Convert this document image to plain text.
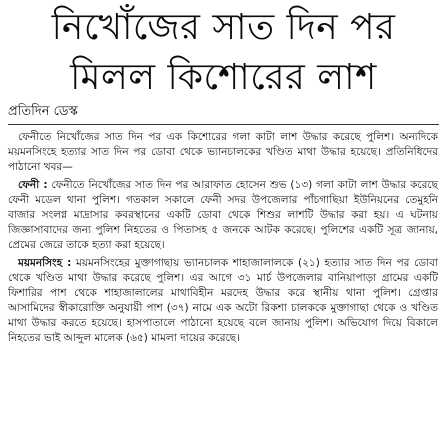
নিখোঁজের সাত দিন পর
মিলল কিশোরের লাশ
প্রতিদিন ডেস্ক

ফেনীতে নিখোঁজের সাত দিন পর এক কিশোরের গলা কাটা লাশ উদ্ধার করেছে পুলিশ। অন্যদিকে ময়মনসিংহে হত্যার সাত দিন পর ডোবা থেকে ভ্যানচালকের খণ্ডিত মাথা উদ্ধার হয়েছে। প্রতিনিধিদের পাঠানো খবর—

ফেনী : ফেনীতে নিখোঁজের সাত দিন পর আরাফাত হোসেন শুভ (১৩) গলা কাটা লাশ উদ্ধার করেছে ফেনী মডেল থানা পুলিশ। গতকাল সকালে ফেনী সদর উপজেলার পাঁচগাছিয়া ইউনিয়নের তেমুহনি বাজার সংলগ্ন মাদ্রাসার কবরস্থানের একটি ডোবা থেকে শিশুর লাশটি উদ্ধার করা হয়। এ ঘটনায় জিজ্ঞাসাবাদের জন্য পুলিশ নিহতের ও পিতাসহ ৫ জনকে আটক করেছে। পুলিশের একটি সূত্র জানায়, প্রেমের জেরে তাকে হত্যা করা হয়েছে।

ময়মনসিংহ : ময়মনসিংহের মুক্তাগাছায় ভ্যানচালক শাহাজালালকে (২১) হত্যার সাত দিন পর ডোবা থেকে খণ্ডিত মাথা উদ্ধার করেছে পুলিশ। এর আগে ৩১ মার্চ উপজেলার বানিয়াপাড়া গ্রামের একটি ফিশারির পাশ থেকে শাহাজালালের মাথাবিহীন মরদেহ উদ্ধার করে স্থানীয় থানা পুলিশ। গ্রেপ্তার আসামিদের স্বীকারোক্তি অনুযায়ী পাশ (৩৭) নামে এক অটো রিকশা চালককে মুক্তাগাছা থেকে ও খণ্ডিত মাথা উদ্ধার করতে হয়েছে। হাসপাতালে পাঠানো হয়েছে বলে জানায় পুলিশ। অভিযোগ দিয়ে বিকালে নিহতের ভাই আব্দুল মালেক (৬৫) মামলা দায়ের করেছে।
